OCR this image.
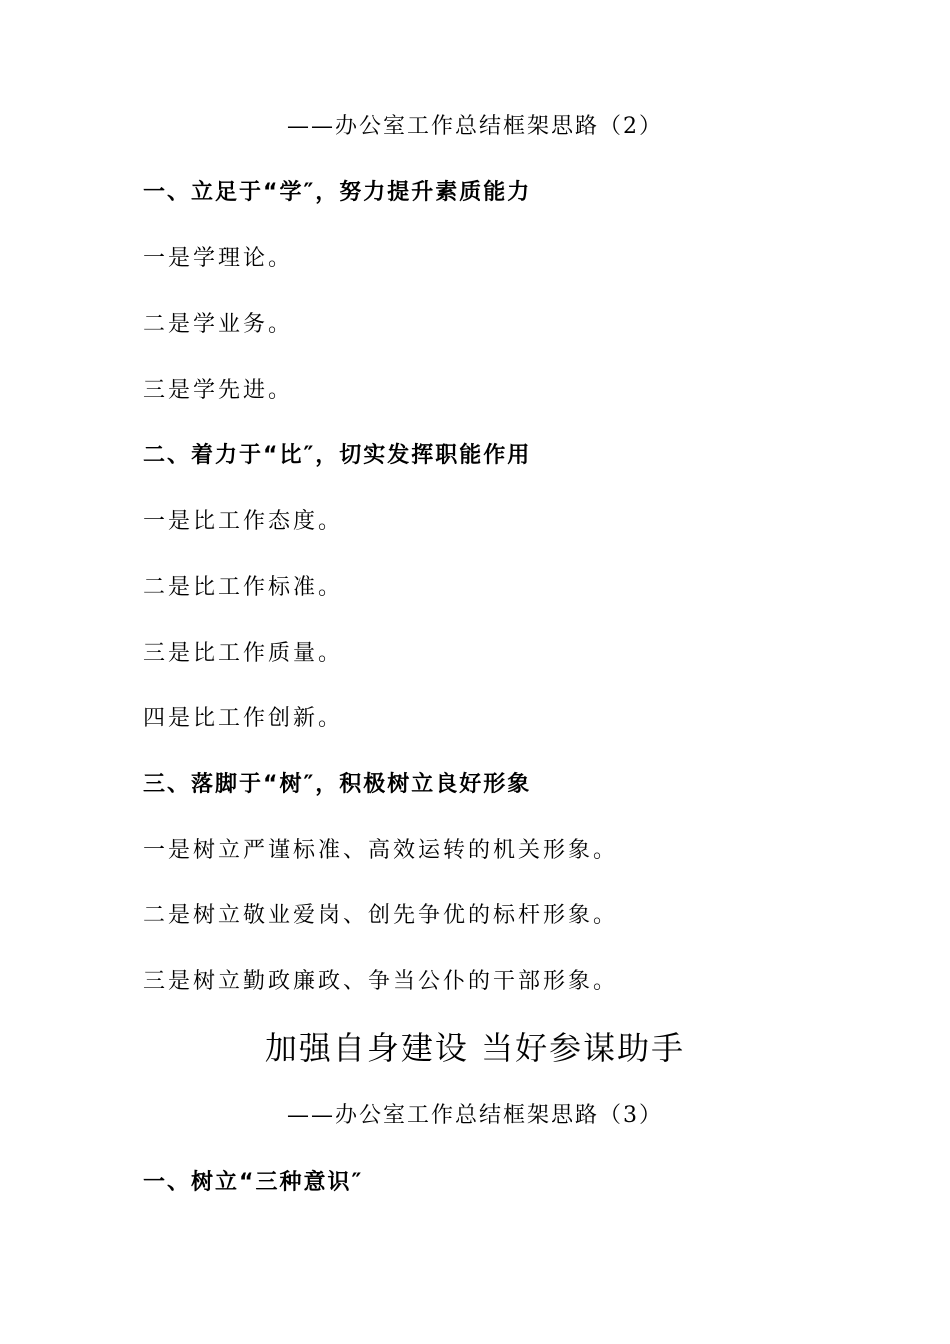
——办公室工作总结框架思路（2）
一、立足于“学″，努力提升素质能力
一是学理论。
二是学业务。
三是学先进。
二、着力于“比″，切实发挥职能作用
一是比工作态度。
二是比工作标准。
三是比工作质量。
四是比工作创新。
三、落脚于“树″，积极树立良好形象
一是树立严谨标准、高效运转的机关形象。
二是树立敬业爱岗、创先争优的标杆形象。
三是树立勤政廉政、争当公仆的干部形象。
加强自身建设 当好参谋助手
——办公室工作总结框架思路（3）
一、树立“三种意识″
